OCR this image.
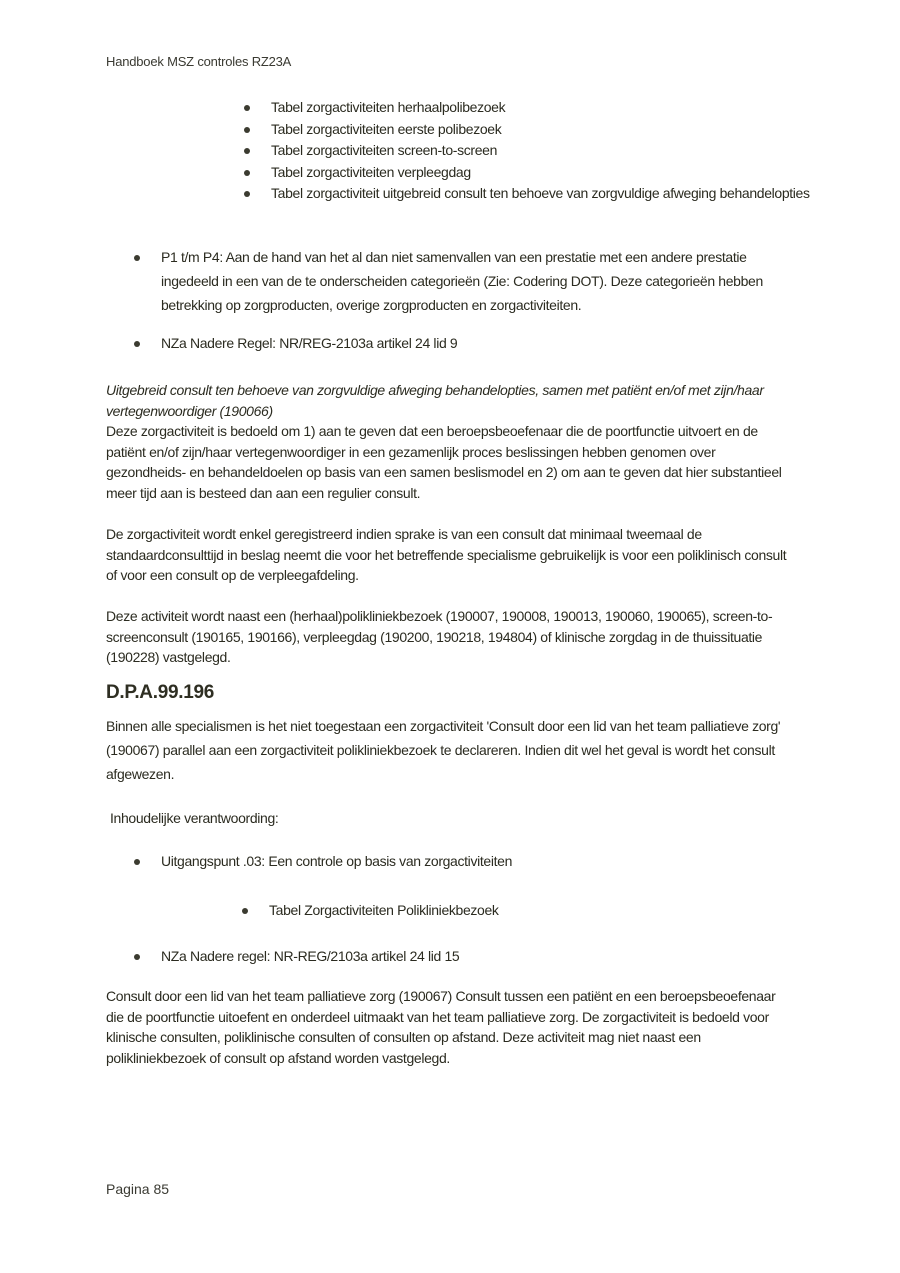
Handboek MSZ controles RZ23A
Tabel zorgactiviteiten herhaalpolibezoek
Tabel zorgactiviteiten eerste polibezoek
Tabel zorgactiviteiten screen-to-screen
Tabel zorgactiviteiten verpleegdag
Tabel zorgactiviteit uitgebreid consult ten behoeve van zorgvuldige afweging behandelopties
P1 t/m P4: Aan de hand van het al dan niet samenvallen van een prestatie met een andere prestatie ingedeeld in een van de te onderscheiden categorieën (Zie: Codering DOT). Deze categorieën hebben betrekking op zorgproducten, overige zorgproducten en zorgactiviteiten.
NZa Nadere Regel: NR/REG-2103a artikel 24 lid 9

Uitgebreid consult ten behoeve van zorgvuldige afweging behandelopties, samen met patiënt en/of met zijn/haar vertegenwoordiger (190066)

Deze zorgactiviteit is bedoeld om 1) aan te geven dat een beroepsbeoefenaar die de poortfunctie uitvoert en de patiënt en/of zijn/haar vertegenwoordiger in een gezamenlijk proces beslissingen hebben genomen over gezondheids- en behandeldoelen op basis van een samen beslismodel en 2) om aan te geven dat hier substantieel meer tijd aan is besteed dan aan een regulier consult.

De zorgactiviteit wordt enkel geregistreerd indien sprake is van een consult dat minimaal tweemaal de standaardconsulttijd in beslag neemt die voor het betreffende specialisme gebruikelijk is voor een poliklinisch consult of voor een consult op de verpleegafdeling.

Deze activiteit wordt naast een (herhaal)polikliniekbezoek (190007, 190008, 190013, 190060, 190065), screen-to-screenconsult (190165, 190166), verpleegdag (190200, 190218, 194804) of klinische zorgdag in de thuissituatie (190228) vastgelegd.

D.P.A.99.196

Binnen alle specialismen is het niet toegestaan een zorgactiviteit 'Consult door een lid van het team palliatieve zorg' (190067) parallel aan een zorgactiviteit polikliniekbezoek te declareren. Indien dit wel het geval is wordt het consult afgewezen.

Inhoudelijke verantwoording:

Uitgangspunt .03: Een controle op basis van zorgactiviteiten
Tabel Zorgactiviteiten Polikliniekbezoek
NZa Nadere regel: NR-REG/2103a artikel 24 lid 15

Consult door een lid van het team palliatieve zorg (190067) Consult tussen een patiënt en een beroepsbeoefenaar die de poortfunctie uitoefent en onderdeel uitmaakt van het team palliatieve zorg. De zorgactiviteit is bedoeld voor klinische consulten, poliklinische consulten of consulten op afstand. Deze activiteit mag niet naast een polikliniekbezoek of consult op afstand worden vastgelegd.

Pagina 85
